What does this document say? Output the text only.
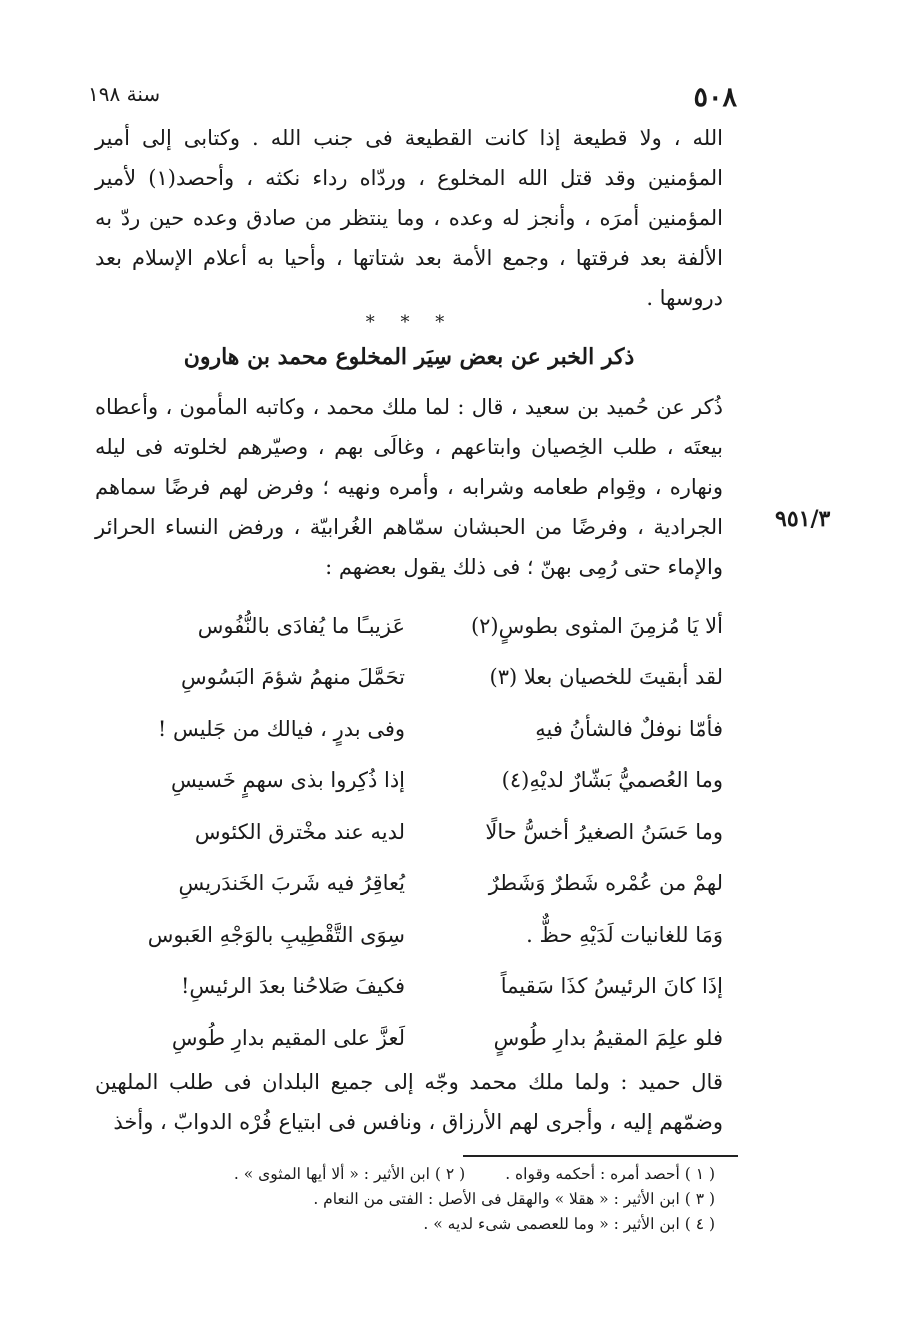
٥٠٨
سنة ١٩٨

الله ، ولا قطيعة إذا كانت القطيعة فى جنب الله . وكتابى إلى أمير المؤمنين وقد قتل الله المخلوع ، وردّاه رداء نكثه ، وأحصد(١) لأمير المؤمنين أمرَه ، وأنجز له وعده ، وما ينتظر من صادق وعده حين ردّ به الألفة بعد فرقتها ، وجمع الأمة بعد شتاتها ، وأحيا به أعلام الإسلام بعد دروسها .

* * *
ذكر الخبر عن بعض سِيَر المخلوع محمد بن هارون

ذُكر عن حُميد بن سعيد ، قال : لما ملك محمد ، وكاتبه المأمون ، وأعطاه بيعتَه ، طلب الخِصيان وابتاعهم ، وغالَى بهم ، وصيّرهم لخلوته فى ليله ونهاره ، وقِوام طعامه وشرابه ، وأمره ونهيه ؛ وفرض لهم فرضًا سماهم الجرادية ، وفرضًا من الحبشان سمّاهم الغُرابيّة ، ورفض النساء الحرائر والإماء حتى رُمِى بهنّ ؛ فى ذلك يقول بعضهم :

٩٥١/٣
ألا يَا مُزمِنَ المثوى بطوسٍ(٢)
عَزيبـًا ما يُفادَى بالنُّفُوس
لقد أبقيتَ للخصيان بعلا (٣)
تحَمَّلَ منهمُ شؤمَ البَسُوسِ
فأمّا نوفلٌ فالشأنُ فيهِ
وفى بدرٍ ، فيالك من جَليس !
وما العُصميُّ بَشّارٌ لديْهِ(٤)
إذا ذُكِروا بذى سهمٍ خَسيسِ
وما حَسَنُ الصغيرُ أخسُّ حالًا
لديه عند مخْترق الكئوس
لهمْ من عُمْره شَطرٌ وَشَطرٌ
يُعاقِرُ فيه شَربَ الخَندَريسِ
وَمَا للغانيات لَدَيْهِ حظٌّ .
سِوَى التَّقْطِيبِ بالوَجْهِ العَبوس
إذَا كانَ الرئيسُ كذَا سَقيماً
فكيفَ صَلاحُنا بعدَ الرئيسِ!
فلو علِمَ المقيمُ بدارِ طُوسٍ
لَعزَّ على المقيم بدارِ طُوسِ

قال حميد : ولما ملك محمد وجّه إلى جميع البلدان فى طلب الملهين وضمّهم إليه ، وأجرى لهم الأرزاق ، ونافس فى ابتياع فُرْه الدوابّ ، وأخذ

( ١ ) أحصد أمره : أحكمه وقواه .
( ٢ ) ابن الأثير : « ألا أيها المثوى » .
( ٣ ) ابن الأثير : « هقلا » والهقل فى الأصل : الفتى من النعام .
( ٤ ) ابن الأثير : « وما للعصمى شىء لديه » .
